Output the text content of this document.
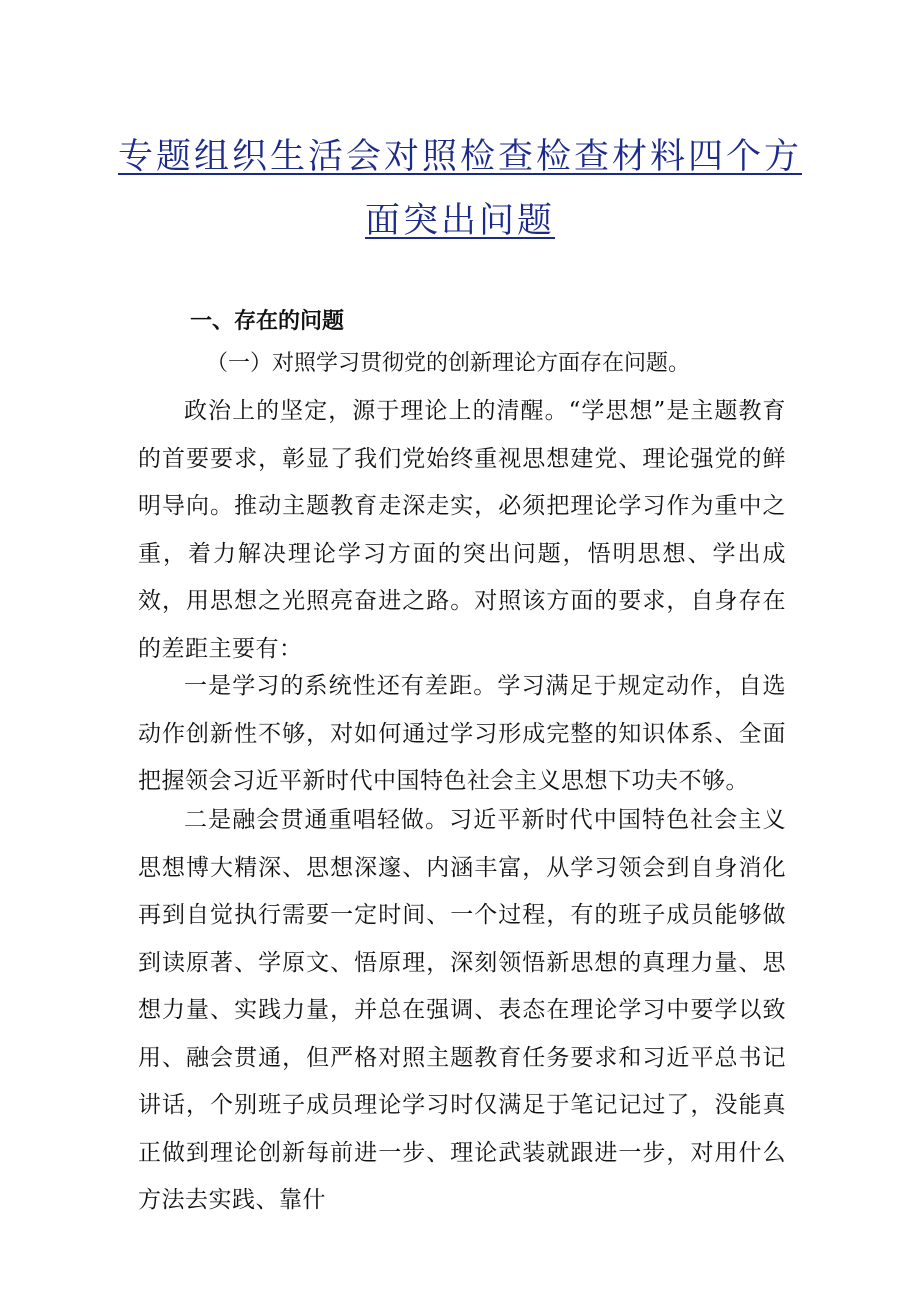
专题组织生活会对照检查检查材料四个方
面突出问题
一、存在的问题
（一）对照学习贯彻党的创新理论方面存在问题。

政治上的坚定，源于理论上的清醒。“学思想”是主题教育的首要要求，彰显了我们党始终重视思想建党、理论强党的鲜明导向。推动主题教育走深走实，必须把理论学习作为重中之重，着力解决理论学习方面的突出问题，悟明思想、学出成效，用思想之光照亮奋进之路。对照该方面的要求，自身存在的差距主要有：

一是学习的系统性还有差距。学习满足于规定动作，自选动作创新性不够，对如何通过学习形成完整的知识体系、全面把握领会习近平新时代中国特色社会主义思想下功夫不够。

二是融会贯通重唱轻做。习近平新时代中国特色社会主义思想博大精深、思想深邃、内涵丰富，从学习领会到自身消化再到自觉执行需要一定时间、一个过程，有的班子成员能够做到读原著、学原文、悟原理，深刻领悟新思想的真理力量、思想力量、实践力量，并总在强调、表态在理论学习中要学以致用、融会贯通，但严格对照主题教育任务要求和习近平总书记讲话，个别班子成员理论学习时仅满足于笔记记过了，没能真正做到理论创新每前进一步、理论武装就跟进一步，对用什么方法去实践、靠什
